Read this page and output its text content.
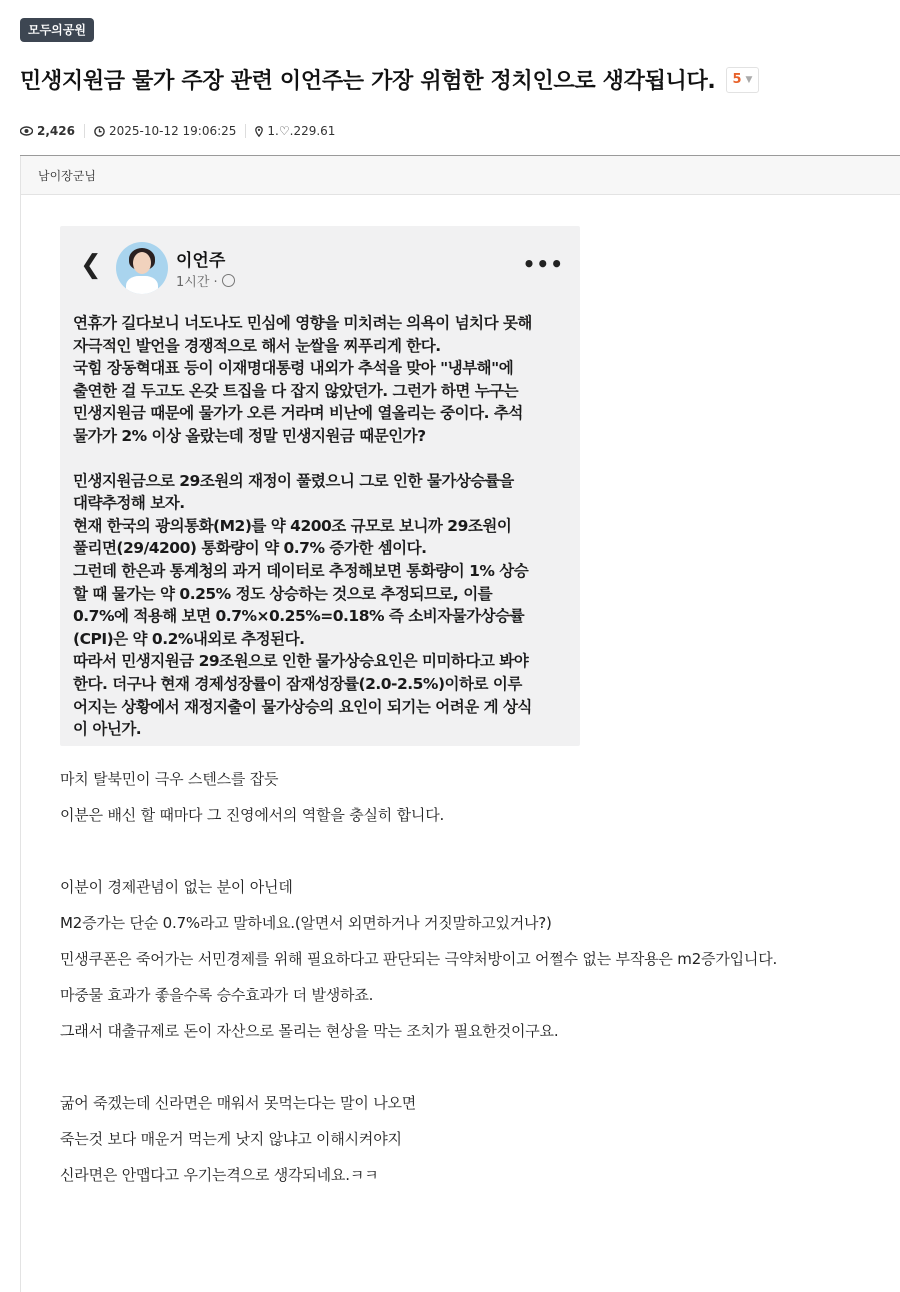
모두의공원
민생지원금 물가 주장 관련 이언주는 가장 위험한 정치인으로 생각됩니다. 5 ▼
2,426	2025-10-12 19:06:25	1.♡.229.61
남이장군님
❮	이언주
1시간 ·
•••

연휴가 길다보니 너도나도 민심에 영향을 미치려는 의욕이 넘치다 못해

자극적인 발언을 경쟁적으로 해서 눈쌀을 찌푸리게 한다.

국힘 장동혁대표 등이 이재명대통령 내외가 추석을 맞아 "냉부해"에

출연한 걸 두고도 온갖 트집을 다 잡지 않았던가. 그런가 하면 누구는

민생지원금 때문에 물가가 오른 거라며 비난에 열올리는 중이다. 추석

물가가 2% 이상 올랐는데 정말 민생지원금 때문인가?

민생지원금으로 29조원의 재정이 풀렸으니 그로 인한 물가상승률을

대략추정해 보자.

현재 한국의 광의통화(M2)를 약 4200조 규모로 보니까 29조원이

풀리면(29/4200) 통화량이 약 0.7% 증가한 셈이다.

그런데 한은과 통계청의 과거 데이터로 추정해보면 통화량이 1% 상승

할 때 물가는 약 0.25% 정도 상승하는 것으로 추정되므로, 이를

0.7%에 적용해 보면 0.7%×0.25%=0.18% 즉 소비자물가상승률

(CPI)은 약 0.2%내외로 추정된다.

따라서 민생지원금 29조원으로 인한 물가상승요인은 미미하다고 봐야

한다. 더구나 현재 경제성장률이 잠재성장률(2.0-2.5%)이하로 이루

어지는 상황에서 재정지출이 물가상승의 요인이 되기는 어려운 게 상식

이 아닌가.

마치 탈북민이 극우 스텐스를 잡듯

이분은 배신 할 때마다 그 진영에서의 역할을 충실히 합니다.

이분이 경제관념이 없는 분이 아닌데

M2증가는 단순 0.7%라고 말하네요.(알면서 외면하거나 거짓말하고있거나?)

민생쿠폰은 죽어가는 서민경제를 위해 필요하다고 판단되는 극약처방이고 어쩔수 없는 부작용은 m2증가입니다.

마중물 효과가 좋을수록 승수효과가 더 발생하죠.

그래서 대출규제로 돈이 자산으로 몰리는 현상을 막는 조치가 필요한것이구요.

굶어 죽겠는데 신라면은 매워서 못먹는다는 말이 나오면

죽는것 보다 매운거 먹는게 낫지 않냐고 이해시켜야지

신라면은 안맵다고 우기는격으로 생각되네요.ㅋㅋ
